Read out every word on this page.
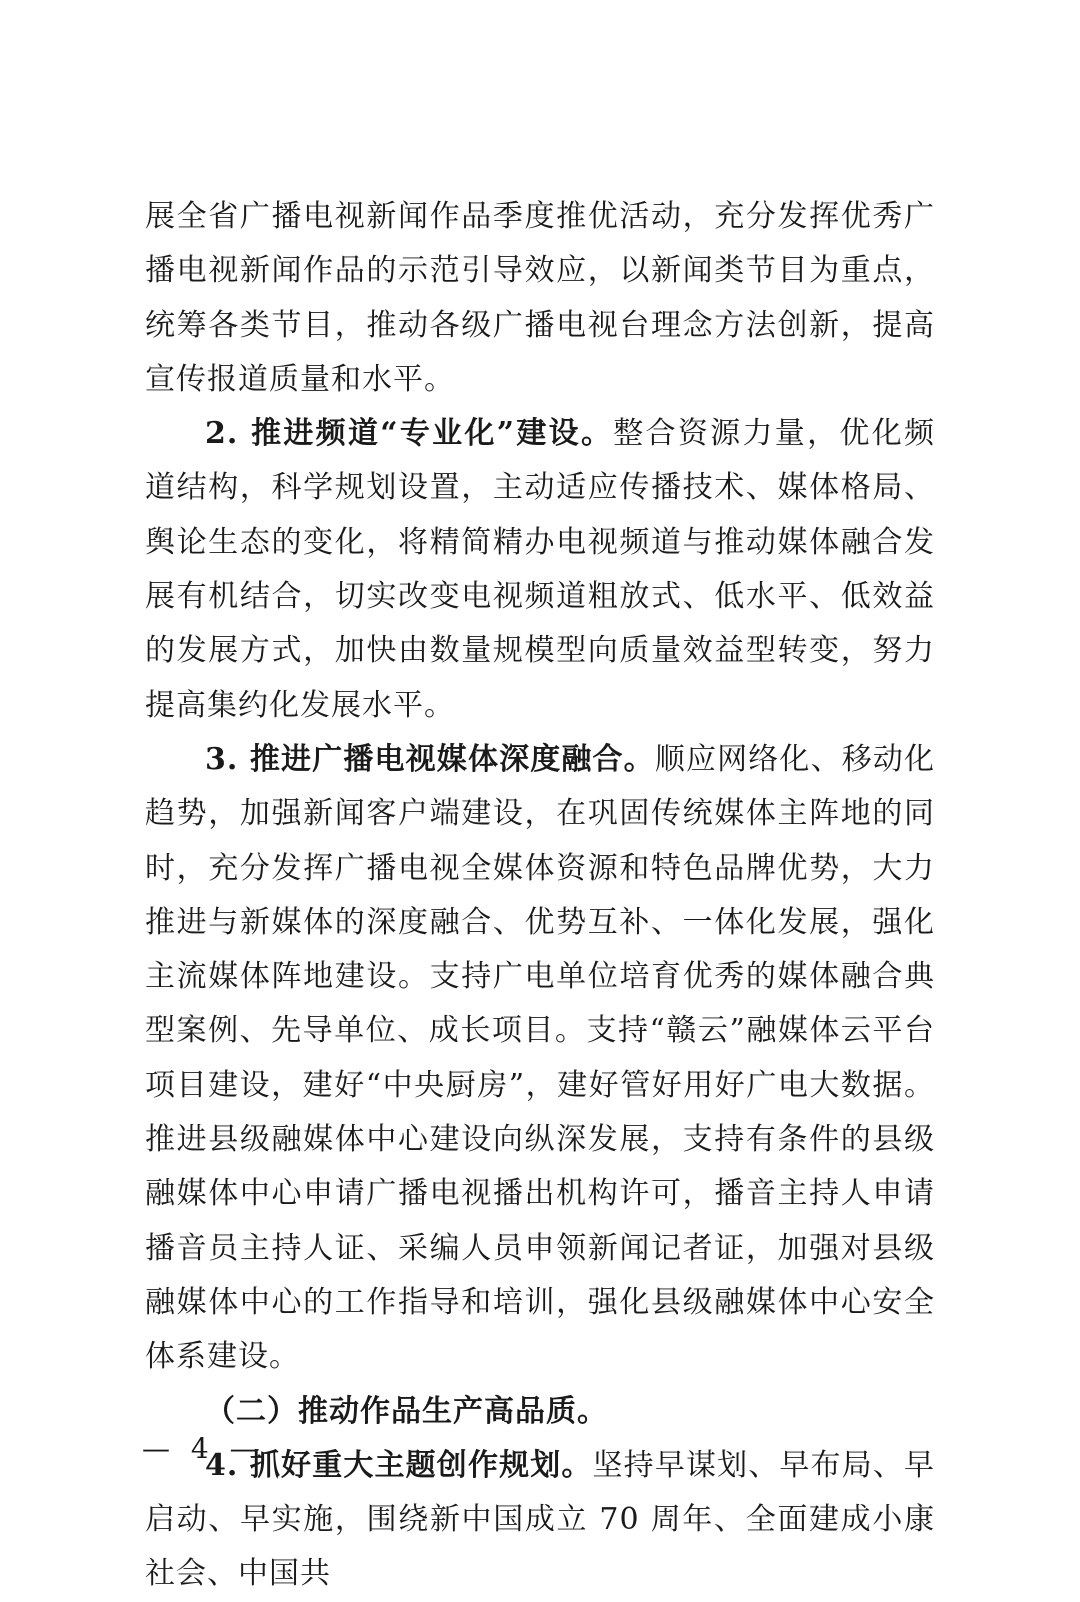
展全省广播电视新闻作品季度推优活动，充分发挥优秀广播电视新闻作品的示范引导效应，以新闻类节目为重点，统筹各类节目，推动各级广播电视台理念方法创新，提高宣传报道质量和水平。

2. 推进频道“专业化”建设。整合资源力量，优化频道结构，科学规划设置，主动适应传播技术、媒体格局、舆论生态的变化，将精简精办电视频道与推动媒体融合发展有机结合，切实改变电视频道粗放式、低水平、低效益的发展方式，加快由数量规模型向质量效益型转变，努力提高集约化发展水平。

3. 推进广播电视媒体深度融合。顺应网络化、移动化趋势，加强新闻客户端建设，在巩固传统媒体主阵地的同时，充分发挥广播电视全媒体资源和特色品牌优势，大力推进与新媒体的深度融合、优势互补、一体化发展，强化主流媒体阵地建设。支持广电单位培育优秀的媒体融合典型案例、先导单位、成长项目。支持“赣云”融媒体云平台项目建设，建好“中央厨房”，建好管好用好广电大数据。推进县级融媒体中心建设向纵深发展，支持有条件的县级融媒体中心申请广播电视播出机构许可，播音主持人申请播音员主持人证、采编人员申领新闻记者证，加强对县级融媒体中心的工作指导和培训，强化县级融媒体中心安全体系建设。

（二）推动作品生产高品质。

4. 抓好重大主题创作规划。坚持早谋划、早布局、早启动、早实施，围绕新中国成立 70 周年、全面建成小康社会、中国共

— 4 —
